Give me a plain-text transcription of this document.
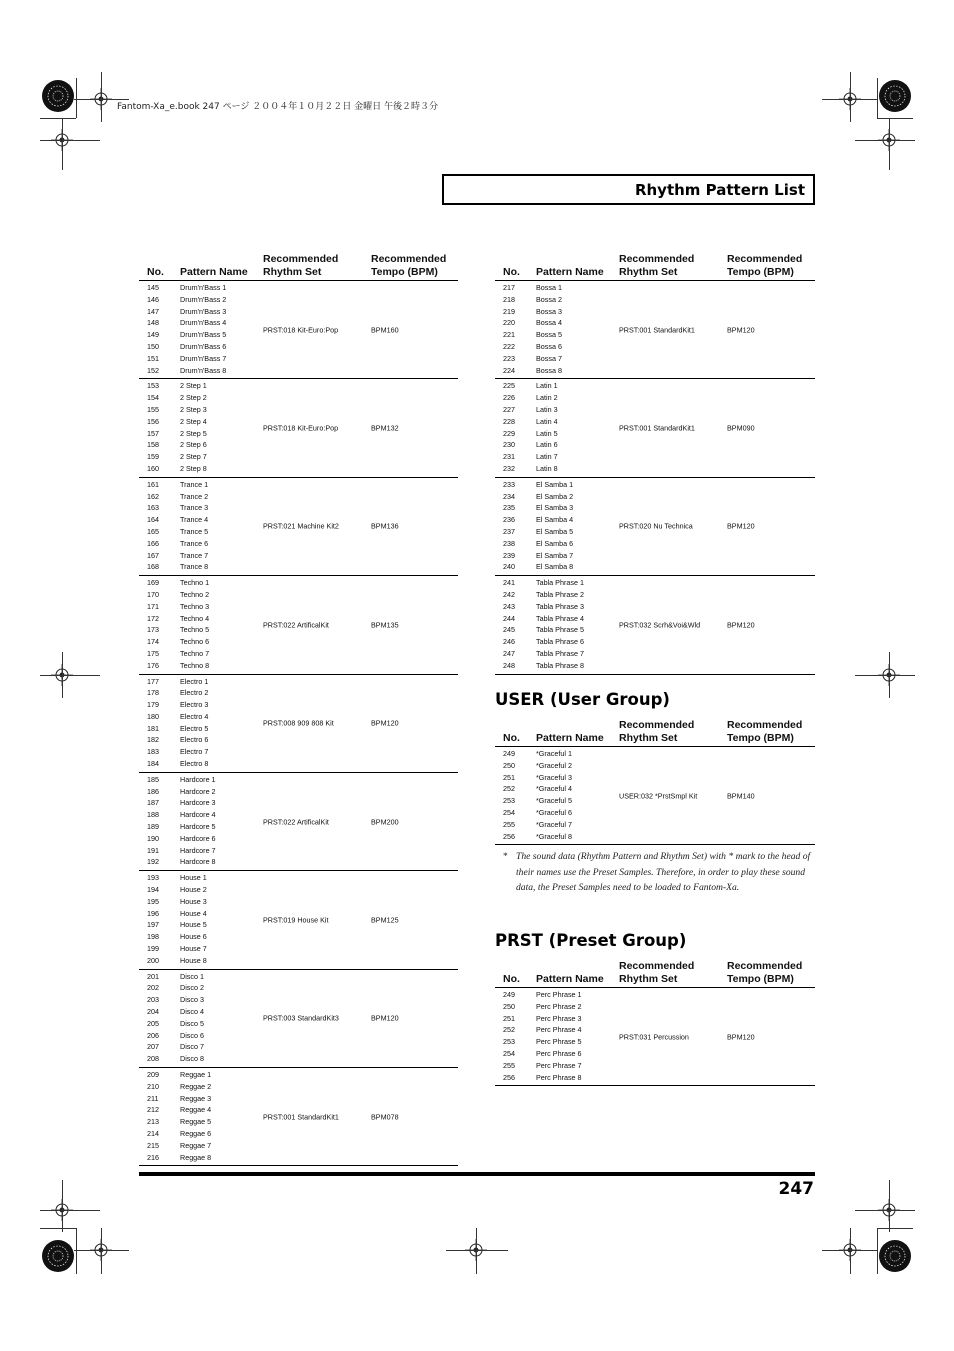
Fantom-Xa_e.book 247 ページ ２００４年１０月２２日 金曜日 午後２時３分
Rhythm Pattern List
No. Pattern Name
Recommended
Rhythm Set
Recommended
Tempo (BPM)
145	Drum'n'Bass 1
146	Drum'n'Bass 2
147	Drum'n'Bass 3
148	Drum'n'Bass 4
149	Drum'n'Bass 5
150	Drum'n'Bass 6
151	Drum'n'Bass 7
152	Drum'n'Bass 8
PRST:018 Kit-Euro:Pop	BPM160
153	2 Step 1
154	2 Step 2
155	2 Step 3
156	2 Step 4
157	2 Step 5
158	2 Step 6
159	2 Step 7
160	2 Step 8
PRST:018 Kit-Euro:Pop	BPM132
161	Trance 1
162	Trance 2
163	Trance 3
164	Trance 4
165	Trance 5
166	Trance 6
167	Trance 7
168	Trance 8
PRST:021 Machine Kit2	BPM136
169	Techno 1
170	Techno 2
171	Techno 3
172	Techno 4
173	Techno 5
174	Techno 6
175	Techno 7
176	Techno 8
PRST:022 ArtificalKit	BPM135
177	Electro 1
178	Electro 2
179	Electro 3
180	Electro 4
181	Electro 5
182	Electro 6
183	Electro 7
184	Electro 8
PRST:008 909 808 Kit	BPM120
185	Hardcore 1
186	Hardcore 2
187	Hardcore 3
188	Hardcore 4
189	Hardcore 5
190	Hardcore 6
191	Hardcore 7
192	Hardcore 8
PRST:022 ArtificalKit	BPM200
193	House 1
194	House 2
195	House 3
196	House 4
197	House 5
198	House 6
199	House 7
200	House 8
PRST:019 House Kit	BPM125
201	Disco 1
202	Disco 2
203	Disco 3
204	Disco 4
205	Disco 5
206	Disco 6
207	Disco 7
208	Disco 8
PRST:003 StandardKit3	BPM120
209	Reggae 1
210	Reggae 2
211	Reggae 3
212	Reggae 4
213	Reggae 5
214	Reggae 6
215	Reggae 7
216	Reggae 8
PRST:001 StandardKit1	BPM078
No. Pattern Name
Recommended
Rhythm Set
Recommended
Tempo (BPM)
217	Bossa 1
218	Bossa 2
219	Bossa 3
220	Bossa 4
221	Bossa 5
222	Bossa 6
223	Bossa 7
224	Bossa 8
PRST:001 StandardKit1	BPM120
225	Latin 1
226	Latin 2
227	Latin 3
228	Latin 4
229	Latin 5
230	Latin 6
231	Latin 7
232	Latin 8
PRST:001 StandardKit1	BPM090
233	El Samba 1
234	El Samba 2
235	El Samba 3
236	El Samba 4
237	El Samba 5
238	El Samba 6
239	El Samba 7
240	El Samba 8
PRST:020 Nu Technica	BPM120
241	Tabla Phrase 1
242	Tabla Phrase 2
243	Tabla Phrase 3
244	Tabla Phrase 4
245	Tabla Phrase 5
246	Tabla Phrase 6
247	Tabla Phrase 7
248	Tabla Phrase 8
PRST:032 Scrh&Voi&Wld	BPM120
USER (User Group)
No. Pattern Name
Recommended
Rhythm Set
Recommended
Tempo (BPM)
249	*Graceful 1
250	*Graceful 2
251	*Graceful 3
252	*Graceful 4
253	*Graceful 5
254	*Graceful 6
255	*Graceful 7
256	*Graceful 8
USER:032 *PrstSmpl Kit	BPM140
* The sound data (Rhythm Pattern and Rhythm Set) with * mark to the head of their names use the Preset Samples. Therefore, in order to play these sound data, the Preset Samples need to be loaded to Fantom-Xa.
PRST (Preset Group)
No. Pattern Name
Recommended
Rhythm Set
Recommended
Tempo (BPM)
249	Perc Phrase 1
250	Perc Phrase 2
251	Perc Phrase 3
252	Perc Phrase 4
253	Perc Phrase 5
254	Perc Phrase 6
255	Perc Phrase 7
256	Perc Phrase 8
PRST:031 Percussion	BPM120
247
